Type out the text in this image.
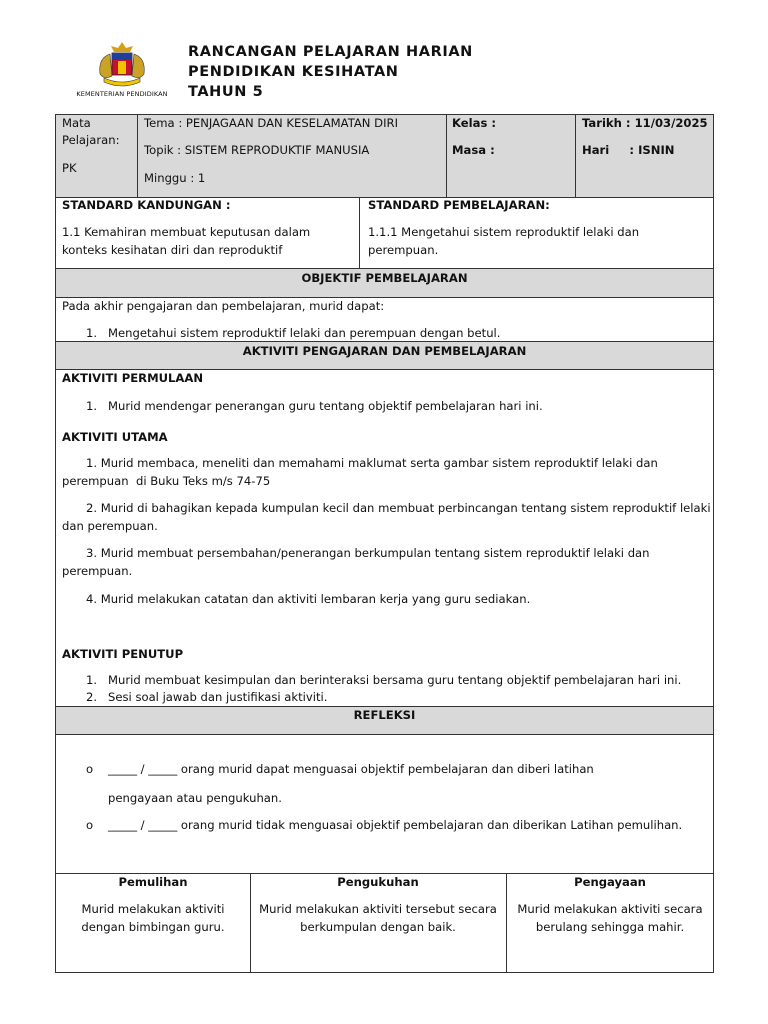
KEMENTERIAN PENDIDIKAN
RANCANGAN PELAJARAN HARIAN
PENDIDIKAN KESIHATAN
TAHUN 5
Mata
Pelajaran:
PK
Tema : PENJAGAAN DAN KESELAMATAN DIRI
Topik : SISTEM REPRODUKTIF MANUSIA
Minggu : 1
Kelas :
Masa :
Tarikh : 11/03/2025
Hari     : ISNIN
STANDARD KANDUNGAN :
1.1 Kemahiran membuat keputusan dalam
konteks kesihatan diri dan reproduktif
STANDARD PEMBELAJARAN:
1.1.1 Mengetahui sistem reproduktif lelaki dan
perempuan.
OBJEKTIF PEMBELAJARAN
Pada akhir pengajaran dan pembelajaran, murid dapat:
1. Mengetahui sistem reproduktif lelaki dan perempuan dengan betul.
AKTIVITI PENGAJARAN DAN PEMBELAJARAN
AKTIVITI PERMULAAN
1. Murid mendengar penerangan guru tentang objektif pembelajaran hari ini.
AKTIVITI UTAMA
1. Murid membaca, meneliti dan memahami maklumat serta gambar sistem reproduktif lelaki dan
perempuan  di Buku Teks m/s 74-75
2. Murid di bahagikan kepada kumpulan kecil dan membuat perbincangan tentang sistem reproduktif lelaki
dan perempuan.
3. Murid membuat persembahan/penerangan berkumpulan tentang sistem reproduktif lelaki dan
perempuan.
4. Murid melakukan catatan dan aktiviti lembaran kerja yang guru sediakan.
AKTIVITI PENUTUP
1. Murid membuat kesimpulan dan berinteraksi bersama guru tentang objektif pembelajaran hari ini.
2. Sesi soal jawab dan justifikasi aktiviti.
REFLEKSI
o _____ / _____ orang murid dapat menguasai objektif pembelajaran dan diberi latihan
pengayaan atau pengukuhan.
o _____ / _____ orang murid tidak menguasai objektif pembelajaran dan diberikan Latihan pemulihan.
Pemulihan
Murid melakukan aktiviti dengan bimbingan guru.
Pengukuhan
Murid melakukan aktiviti tersebut secara berkumpulan dengan baik.
Pengayaan
Murid melakukan aktiviti secara berulang sehingga mahir.
